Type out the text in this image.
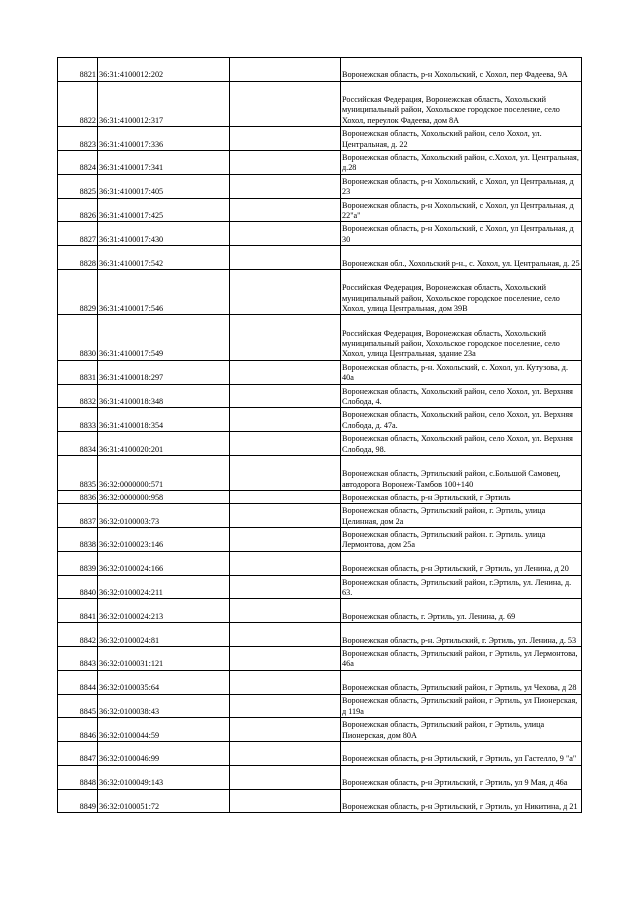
8821	36:31:4100012:202		Воронежская область, р-н Хохольский, с Хохол, пер Фадеева, 9А
8822	36:31:4100012:317		Российская Федерация, Воронежская область, Хохольский муниципальный район, Хохольское городское поселение, село Хохол, переулок Фадеева, дом 8А
8823	36:31:4100017:336		Воронежская область, Хохольский район, село Хохол, ул. Центральная, д. 22
8824	36:31:4100017:341		Воронежская область, Хохольский район, с.Хохол, ул. Центральная, д.28
8825	36:31:4100017:405		Воронежская область, р-н Хохольский, с Хохол, ул Центральная, д 23
8826	36:31:4100017:425		Воронежская область, р-н Хохольский, с Хохол, ул Центральная, д 22"а"
8827	36:31:4100017:430		Воронежская область, р-н Хохольский, с Хохол, ул Центральная, д 30
8828	36:31:4100017:542		Воронежская обл., Хохольский р-н., с. Хохол, ул. Центральная, д. 25
8829	36:31:4100017:546		Российская Федерация, Воронежская область, Хохольский муниципальный район, Хохольское городское поселение, село Хохол, улица Центральная, дом 39В
8830	36:31:4100017:549		Российская Федерация, Воронежская область, Хохольский муниципальный район, Хохольское городское поселение, село Хохол, улица Центральная, здание 23а
8831	36:31:4100018:297		Воронежская область, р-н. Хохольский, с. Хохол, ул. Кутузова, д. 40а
8832	36:31:4100018:348		Воронежская область, Хохольский район, село Хохол, ул. Верхняя Слобода, 4.
8833	36:31:4100018:354		Воронежская область, Хохольский район, село Хохол, ул. Верхняя Слобода, д. 47а.
8834	36:31:4100020:201		Воронежская область, Хохольский район, село Хохол, ул. Верхняя Слобода, 98.
8835	36:32:0000000:571		Воронежская область, Эртильский район, с.Большой Самовец, автодорога Воронеж-Тамбов 100+140
8836	36:32:0000000:958		Воронежская область, р-н Эртильский, г Эртиль
8837	36:32:0100003:73		Воронежская область, Эртильский район, г. Эртиль, улица Целинная, дом 2а
8838	36:32:0100023:146		Воронежская область, Эртильский район. г. Эртиль. улица Лермонтова, дом 25а
8839	36:32:0100024:166		Воронежская область, р-н Эртильский, г Эртиль, ул Ленина, д 20
8840	36:32:0100024:211		Воронежская область, Эртильский район, г.Эртиль, ул. Ленина, д. 63.
8841	36:32:0100024:213		Воронежская область, г. Эртиль, ул. Ленина, д. 69
8842	36:32:0100024:81		Воронежская область, р-н. Эртильский, г. Эртиль, ул. Ленина, д. 53
8843	36:32:0100031:121		Воронежская область, Эртильский район, г Эртиль, ул Лермонтова, 46а
8844	36:32:0100035:64		Воронежская область, Эртильский район, г Эртиль, ул Чехова, д 28
8845	36:32:0100038:43		Воронежская область, Эртильский район, г Эртиль, ул Пионерская, д 119а
8846	36:32:0100044:59		Воронежская область, Эртильский район, г Эртиль, улица Пионерская, дом 80А
8847	36:32:0100046:99		Воронежская область, р-н Эртильский, г Эртиль, ул Гастелло, 9 "а"
8848	36:32:0100049:143		Воронежская область, р-н Эртильский, г Эртиль, ул 9 Мая, д 46а
8849	36:32:0100051:72		Воронежская область, р-н Эртильский, г Эртиль, ул Никитина, д 21
